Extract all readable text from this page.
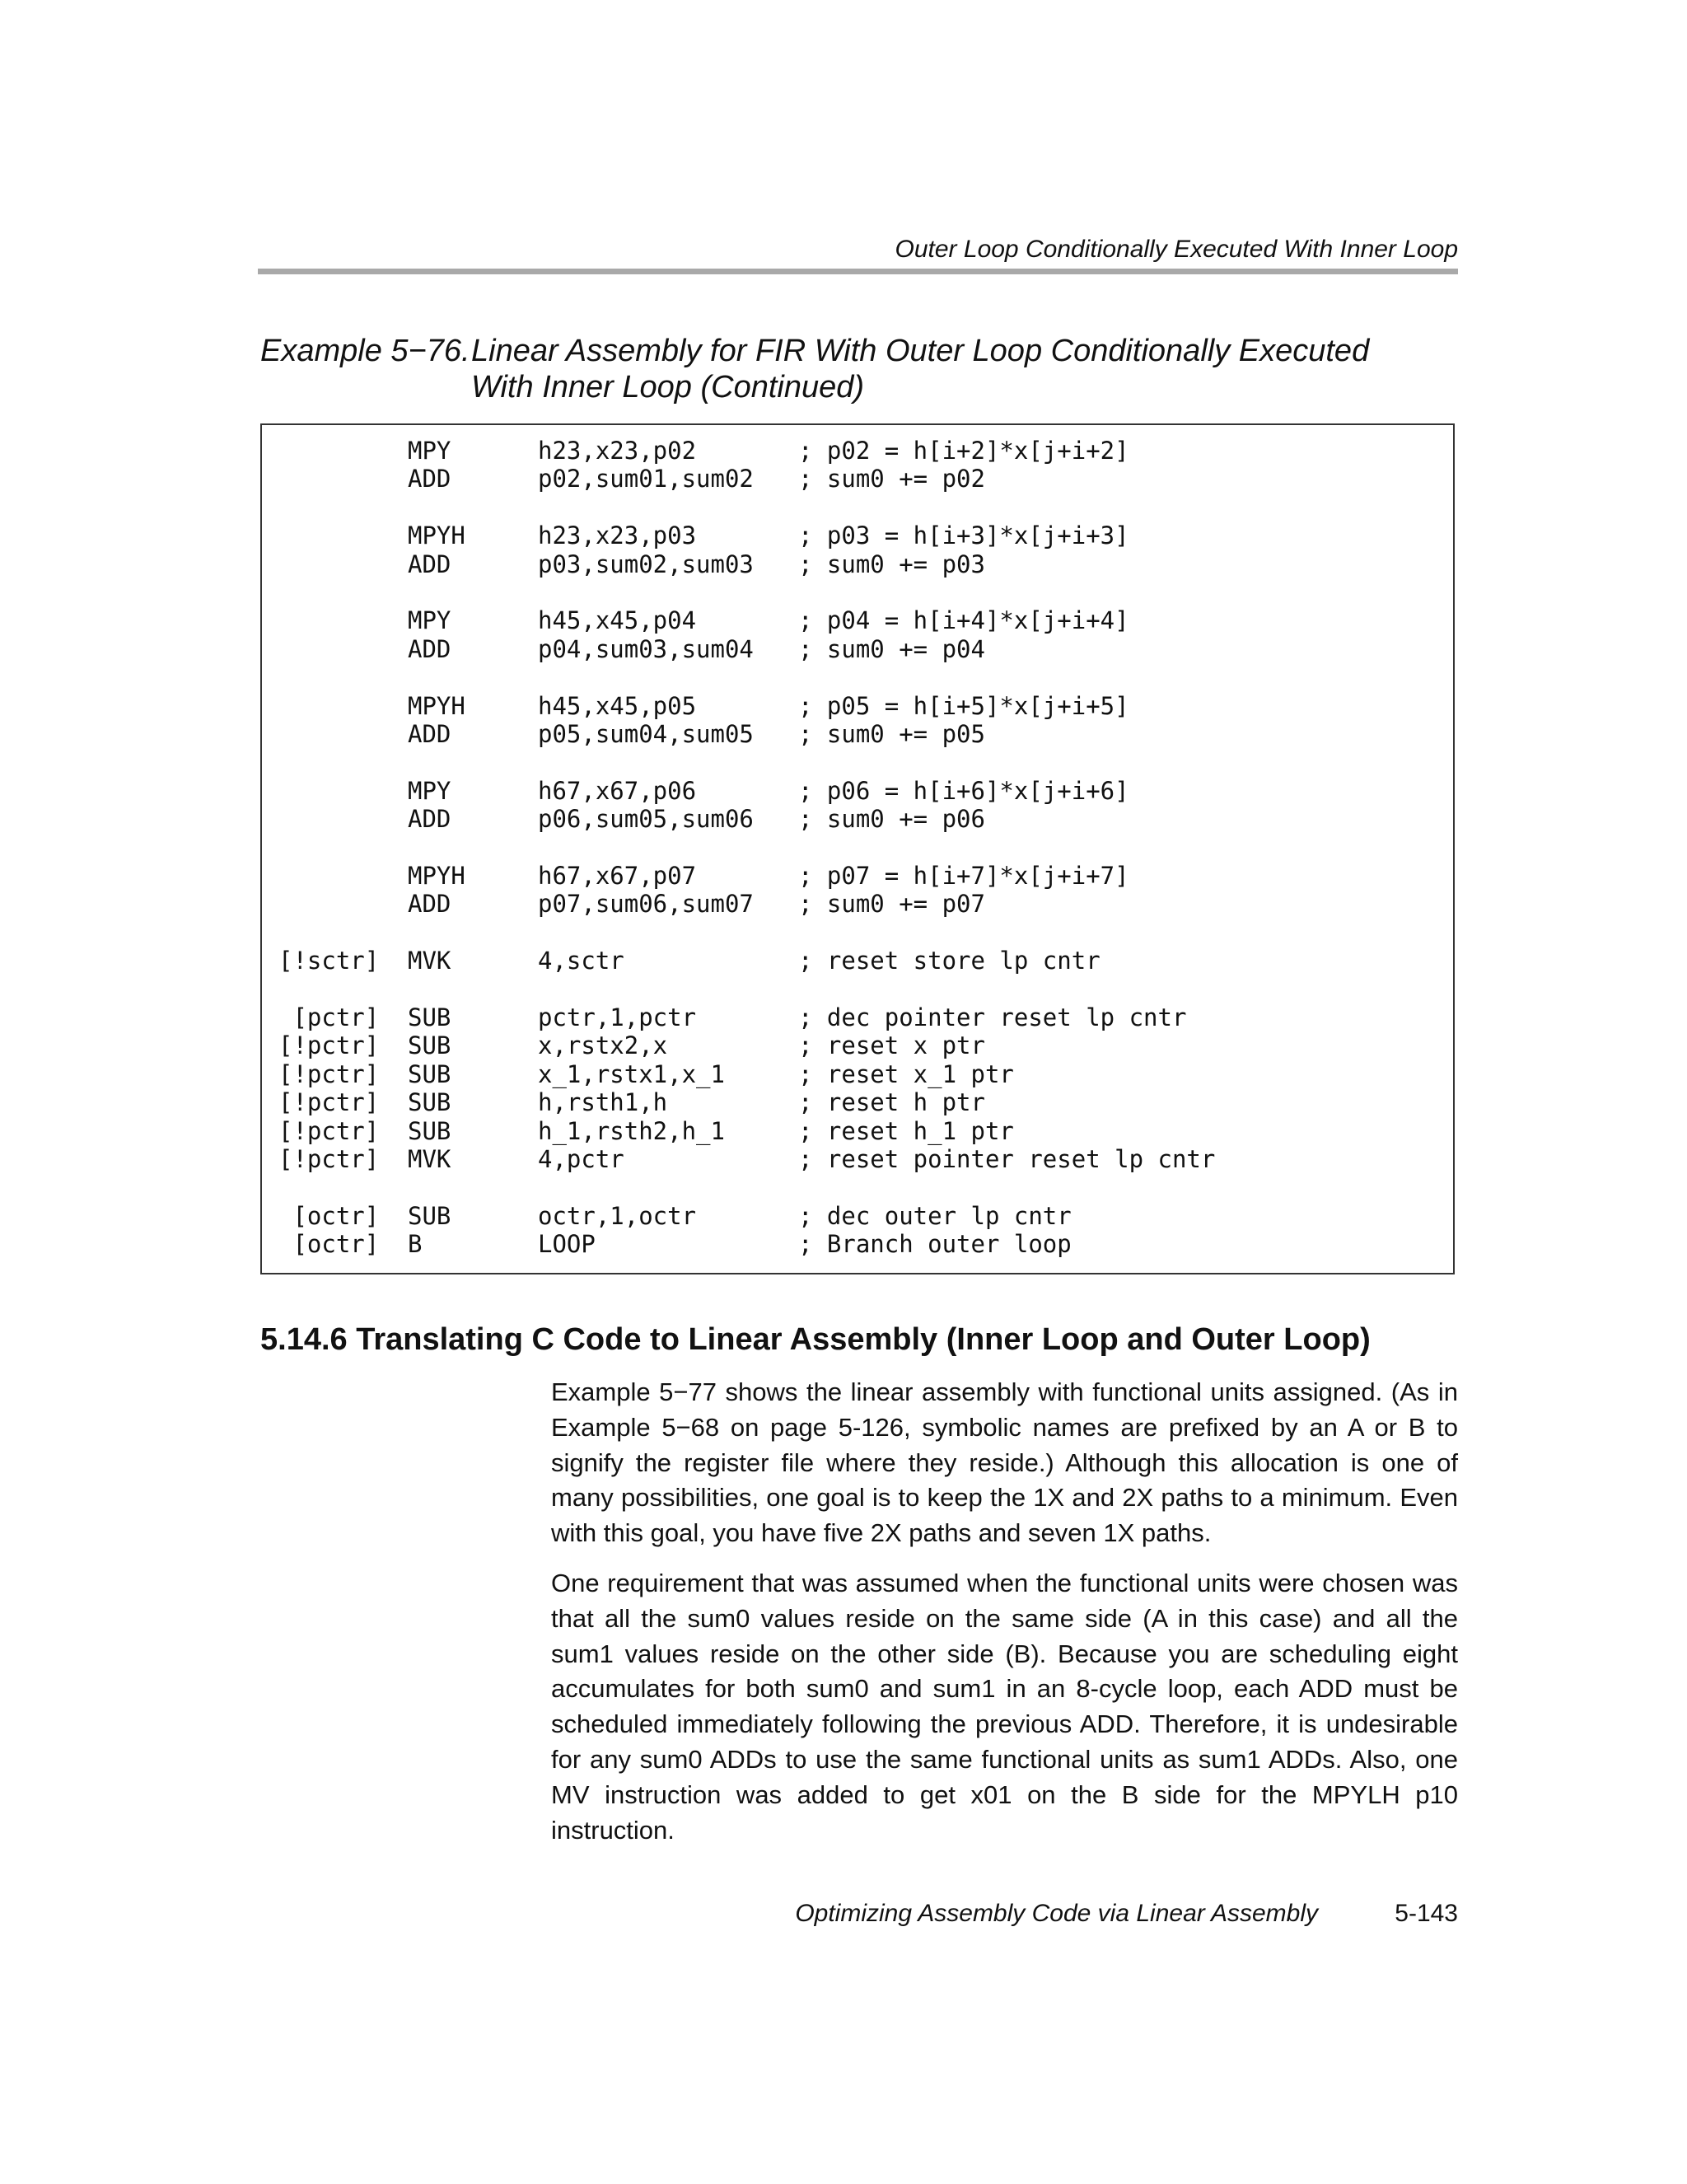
Outer Loop Conditionally Executed With Inner Loop
Example 5−76. Linear Assembly for FIR With Outer Loop Conditionally Executed
With Inner Loop (Continued)
MPY	h23,x23,p02	; p02 = h[i+2]*x[j+i+2]
ADD	p02,sum01,sum02 ; sum0 += p02
MPYH	h23,x23,p03	; p03 = h[i+3]*x[j+i+3]
ADD	p03,sum02,sum03 ; sum0 += p03
MPY	h45,x45,p04	; p04 = h[i+4]*x[j+i+4]
ADD	p04,sum03,sum04 ; sum0 += p04
MPYH	h45,x45,p05	; p05 = h[i+5]*x[j+i+5]
ADD	p05,sum04,sum05 ; sum0 += p05
MPY	h67,x67,p06	; p06 = h[i+6]*x[j+i+6]
ADD	p06,sum05,sum06 ; sum0 += p06
MPYH	h67,x67,p07	; p07 = h[i+7]*x[j+i+7]
ADD	p07,sum06,sum07 ; sum0 += p07
[!sctr] MVK	4,sctr	; reset store lp cntr
[pctr] SUB	pctr,1,pctr	; dec pointer reset lp cntr
[!pctr] SUB	x,rstx2,x	; reset x ptr
[!pctr] SUB	x_1,rstx1,x_1	; reset x_1 ptr
[!pctr] SUB	h,rsth1,h	; reset h ptr
[!pctr] SUB	h_1,rsth2,h_1	; reset h_1 ptr
[!pctr] MVK	4,pctr	; reset pointer reset lp cntr
[octr] SUB	octr,1,octr	; dec outer lp cntr
[octr] B	LOOP	; Branch outer loop
5.14.6 Translating C Code to Linear Assembly (Inner Loop and Outer Loop)
Example 5−77 shows the linear assembly with functional units assigned. (As in Example 5−68 on page 5-126, symbolic names are prefixed by an A or B to signify the register file where they reside.) Although this allocation is one of many possibilities, one goal is to keep the 1X and 2X paths to a minimum. Even with this goal, you have five 2X paths and seven 1X paths.
One requirement that was assumed when the functional units were chosen was that all the sum0 values reside on the same side (A in this case) and all the sum1 values reside on the other side (B). Because you are scheduling eight accumulates for both sum0 and sum1 in an 8-cycle loop, each ADD must be scheduled immediately following the previous ADD. Therefore, it is undesirable for any sum0 ADDs to use the same functional units as sum1 ADDs. Also, one MV instruction was added to get x01 on the B side for the MPYLH p10 instruction.
Optimizing Assembly Code via Linear Assembly	5-143
